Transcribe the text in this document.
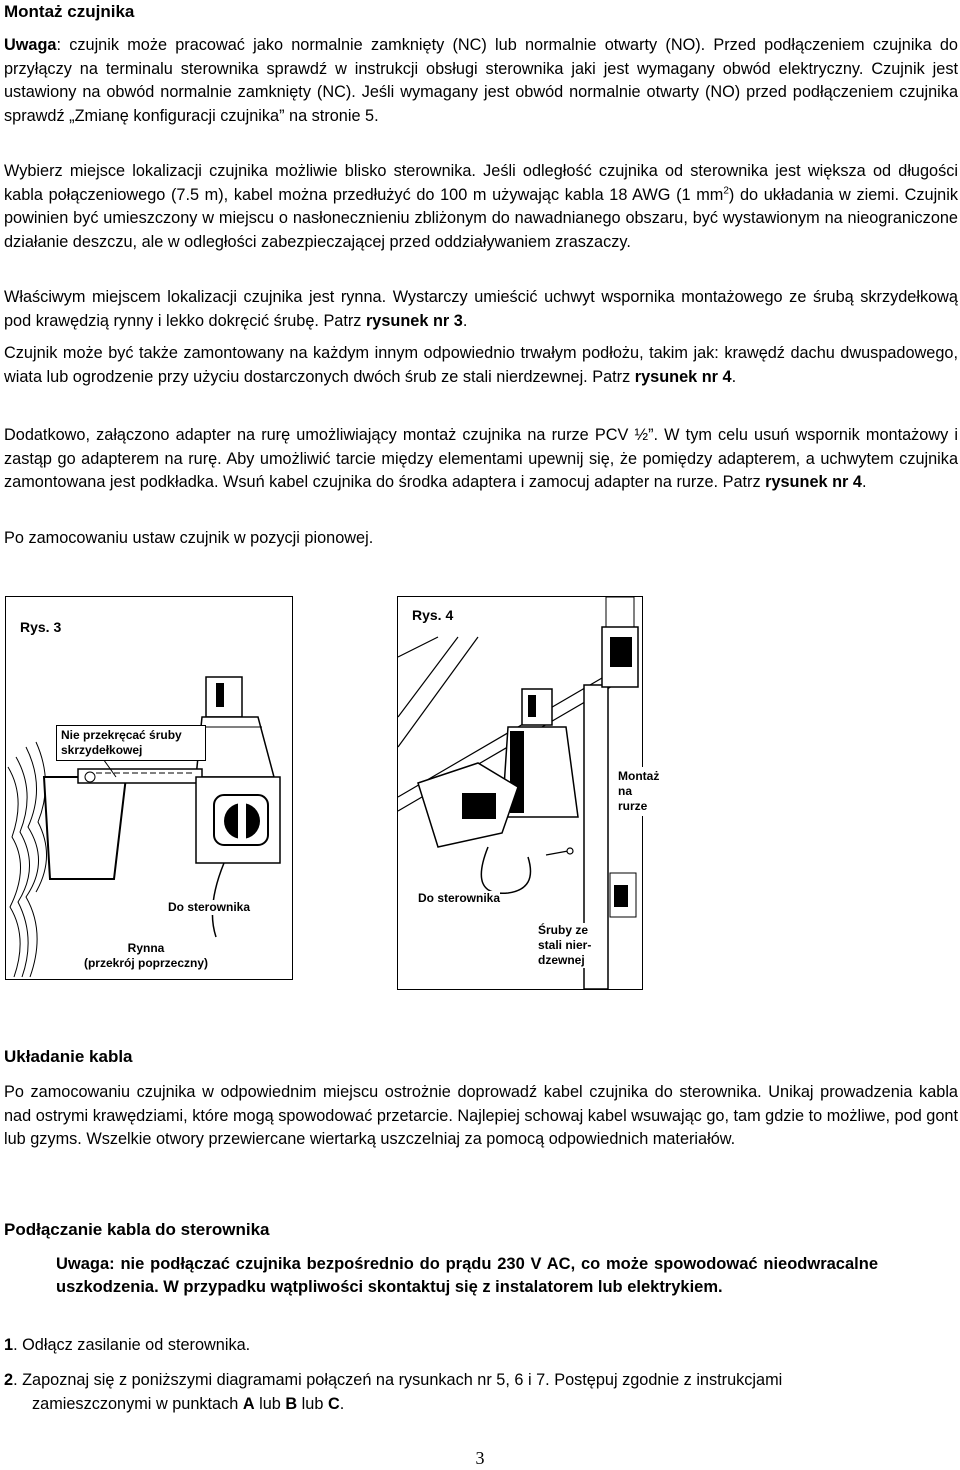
Montaż czujnika

Uwaga: czujnik może pracować jako normalnie zamknięty (NC) lub normalnie otwarty (NO). Przed podłączeniem czujnika do przyłączy na terminalu sterownika sprawdź w instrukcji obsługi sterownika jaki jest wymagany obwód elektryczny. Czujnik jest ustawiony na obwód normalnie zamknięty (NC). Jeśli wymagany jest obwód normalnie otwarty (NO) przed podłączeniem czujnika sprawdź „Zmianę konfiguracji czujnika” na stronie 5.

Wybierz miejsce lokalizacji czujnika możliwie blisko sterownika. Jeśli odległość czujnika od sterownika jest większa od długości kabla połączeniowego (7.5 m), kabel można przedłużyć do 100 m używając kabla 18 AWG (1 $mm^2$) do układania w ziemi. Czujnik powinien być umieszczony w miejscu o nasłonecznieniu zbliżonym do nawadnianego obszaru, być wystawionym na nieograniczone działanie deszczu, ale w odległości zabezpieczającej przed oddziaływaniem zraszaczy.

Właściwym miejscem lokalizacji czujnika jest rynna. Wystarczy umieścić uchwyt wspornika montażowego ze śrubą skrzydełkową pod krawędzią rynny i lekko dokręcić śrubę. Patrz rysunek nr 3.

Czujnik może być także zamontowany na każdym innym odpowiednio trwałym podłożu, takim jak: krawędź dachu dwuspadowego, wiata lub ogrodzenie przy użyciu dostarczonych dwóch śrub ze stali nierdzewnej. Patrz rysunek nr 4.

Dodatkowo, załączono adapter na rurę umożliwiający montaż czujnika na rurze PCV ½”. W tym celu usuń wspornik montażowy i zastąp go adapterem na rurę. Aby umożliwić tarcie między elementami upewnij się, że pomiędzy adapterem, a uchwytem czujnika zamontowana jest podkładka. Wsuń kabel czujnika do środka adaptera i zamocuj adapter na rurze. Patrz rysunek nr 4.

Po zamocowaniu ustaw czujnik w pozycji pionowej.

Rys. 3
Nie przekręcać śruby skrzydełkowej
Do sterownika
Rynna
(przekrój poprzeczny)
Rys. 4
Montaż
na rurze
Do sterownika
Śruby ze
stali nier-
dzewnej
Układanie kabla

Po zamocowaniu czujnika w odpowiednim miejscu ostrożnie doprowadź kabel czujnika do sterownika. Unikaj prowadzenia kabla nad ostrymi krawędziami, które mogą spowodować przetarcie. Najlepiej schowaj kabel wsuwając go, tam gdzie to możliwe, pod gont lub gzyms. Wszelkie otwory przewiercane wiertarką uszczelniaj za pomocą odpowiednich materiałów.

Podłączanie kabla do sterownika

Uwaga: nie podłączać czujnika bezpośrednio do prądu 230 V AC, co może spowodować nieodwracalne uszkodzenia. W przypadku wątpliwości skontaktuj się z instalatorem lub elektrykiem.

1. Odłącz zasilanie od sterownika.

2. Zapoznaj się z poniższymi diagramami połączeń na rysunkach nr 5, 6 i 7. Postępuj zgodnie z instrukcjami
zamieszczonymi w punktach A lub B lub C.

3
